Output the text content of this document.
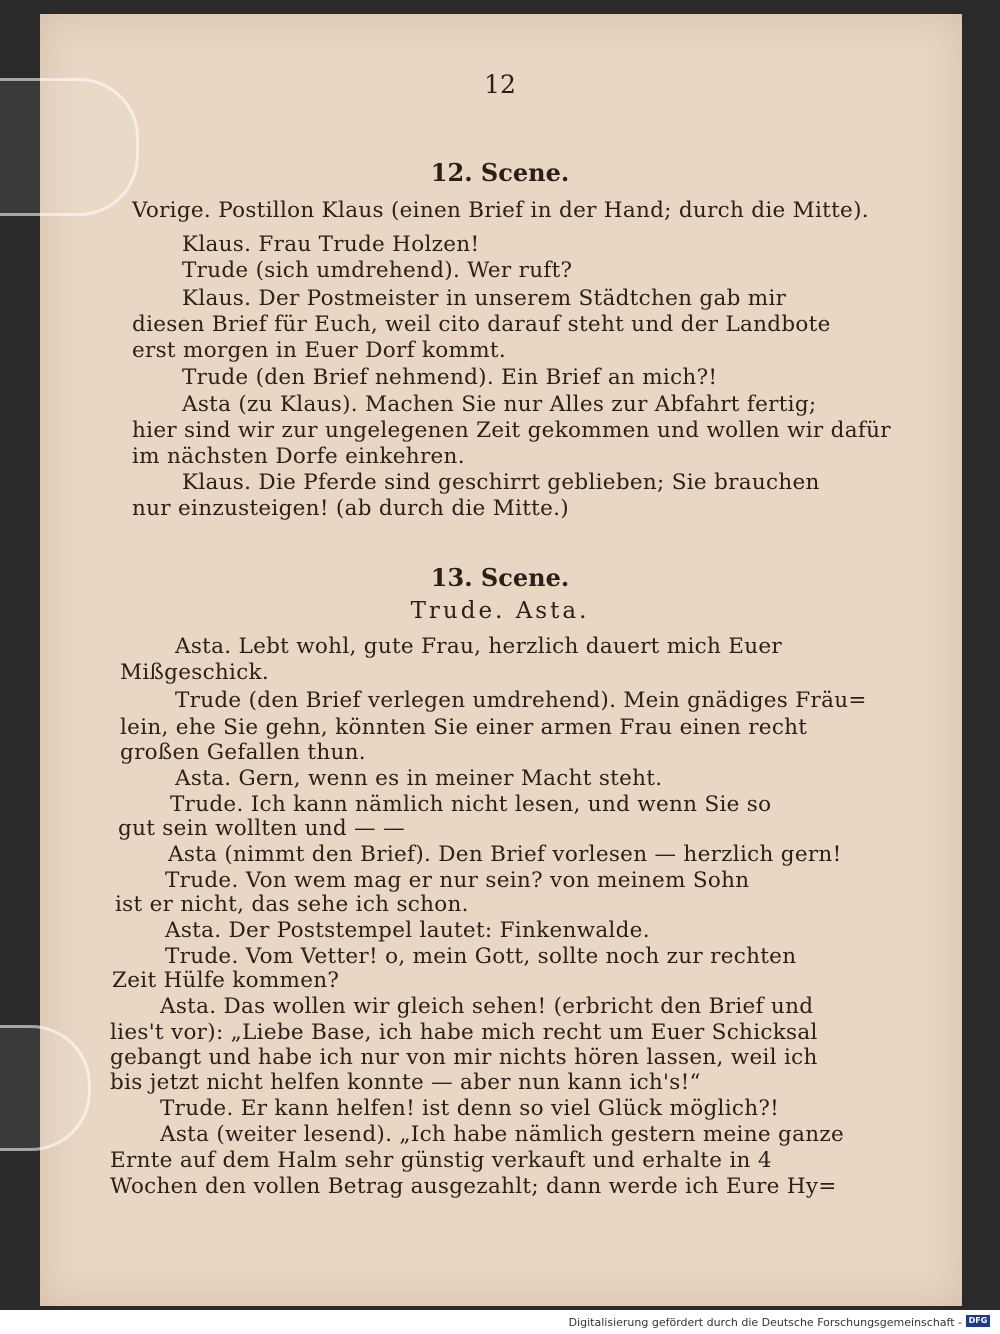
12
12. Scene.
Vorige. Postillon Klaus (einen Brief in der Hand; durch die Mitte).
Klaus. Frau Trude Holzen!
Trude (sich umdrehend). Wer ruft?
Klaus. Der Postmeister in unserem Städtchen gab mir
diesen Brief für Euch, weil cito darauf steht und der Landbote
erst morgen in Euer Dorf kommt.
Trude (den Brief nehmend). Ein Brief an mich?!
Asta (zu Klaus). Machen Sie nur Alles zur Abfahrt fertig;
hier sind wir zur ungelegenen Zeit gekommen und wollen wir dafür
im nächsten Dorfe einkehren.
Klaus. Die Pferde sind geschirrt geblieben; Sie brauchen
nur einzusteigen! (ab durch die Mitte.)
13. Scene.
Trude. Asta.
Asta. Lebt wohl, gute Frau, herzlich dauert mich Euer
Mißgeschick.
Trude (den Brief verlegen umdrehend). Mein gnädiges Fräu=
lein, ehe Sie gehn, könnten Sie einer armen Frau einen recht
großen Gefallen thun.
Asta. Gern, wenn es in meiner Macht steht.
Trude. Ich kann nämlich nicht lesen, und wenn Sie so
gut sein wollten und — —
Asta (nimmt den Brief). Den Brief vorlesen — herzlich gern!
Trude. Von wem mag er nur sein? von meinem Sohn
ist er nicht, das sehe ich schon.
Asta. Der Poststempel lautet: Finkenwalde.
Trude. Vom Vetter! o, mein Gott, sollte noch zur rechten
Zeit Hülfe kommen?
Asta. Das wollen wir gleich sehen! (erbricht den Brief und
lies't vor): „Liebe Base, ich habe mich recht um Euer Schicksal
gebangt und habe ich nur von mir nichts hören lassen, weil ich
bis jetzt nicht helfen konnte — aber nun kann ich's!“
Trude. Er kann helfen! ist denn so viel Glück möglich?!
Asta (weiter lesend). „Ich habe nämlich gestern meine ganze
Ernte auf dem Halm sehr günstig verkauft und erhalte in 4
Wochen den vollen Betrag ausgezahlt; dann werde ich Eure Hy=
Digitalisierung gefördert durch die Deutsche Forschungsgemeinschaft - DFG
